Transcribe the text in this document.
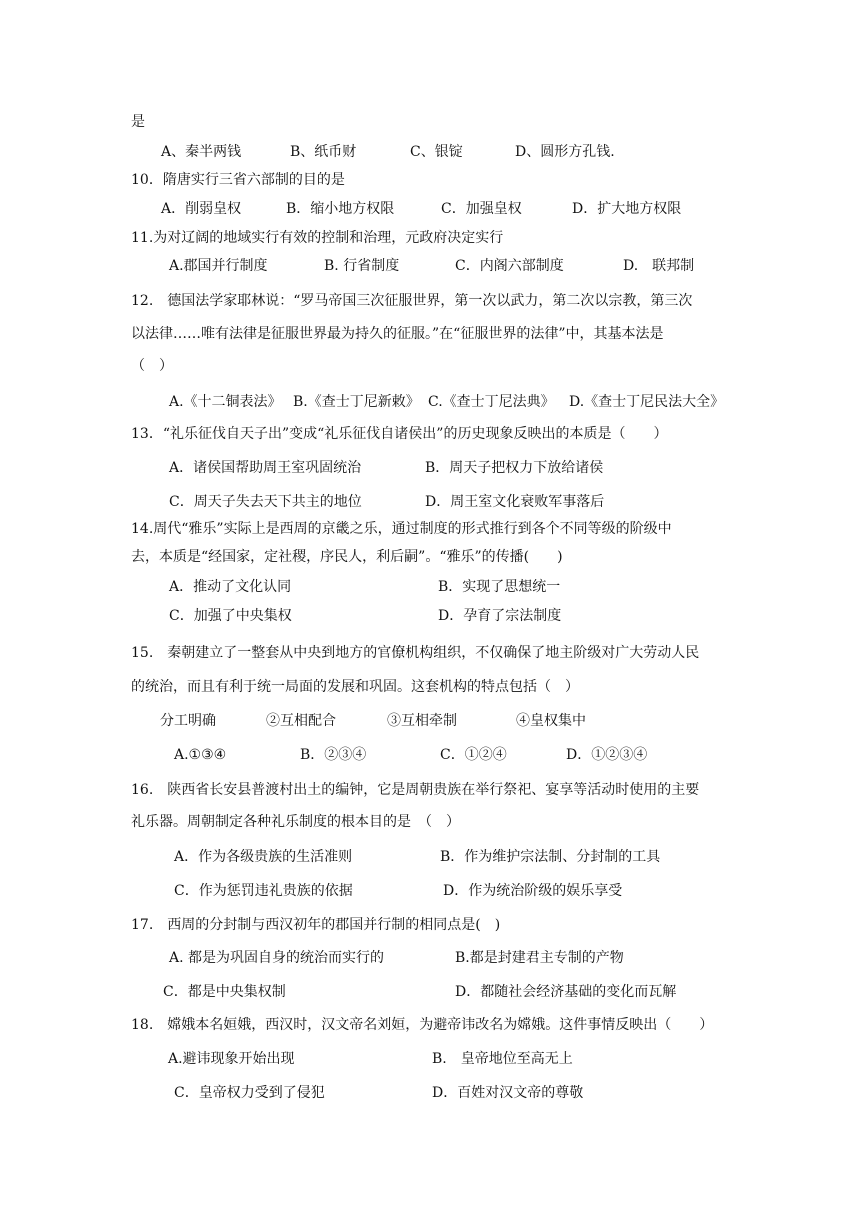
是
A、秦半两钱	B、纸币财	C、银锭	D、圆形方孔钱.
10．隋唐实行三省六部制的目的是
A．削弱皇权	B．缩小地方权限	C．加强皇权	D．扩大地方权限
11.为对辽阔的地域实行有效的控制和治理，元政府决定实行
A.郡国并行制度	B. 行省制度	C．内阁六部制度	D.　联邦制
12.　德国法学家耶林说：“罗马帝国三次征服世界，第一次以武力，第二次以宗教，第三次
以法律……唯有法律是征服世界最为持久的征服。”在“征服世界的法律”中，其基本法是
（　）
A.《十二铜表法》 B.《查士丁尼新敕》 C.《查士丁尼法典》 D.《查士丁尼民法大全》
13．“礼乐征伐自天子出”变成“礼乐征伐自诸侯出”的历史现象反映出的本质是（　　）
A．诸侯国帮助周王室巩固统治	B．周天子把权力下放给诸侯
C．周天子失去天下共主的地位	D．周王室文化衰败军事落后
14.周代“雅乐”实际上是西周的京畿之乐，通过制度的形式推行到各个不同等级的阶级中
去，本质是“经国家，定社稷，序民人，利后嗣”。“雅乐”的传播(　　)
A．推动了文化认同	B．实现了思想统一
C．加强了中央集权	D．孕育了宗法制度
15.　秦朝建立了一整套从中央到地方的官僚机构组织，不仅确保了地主阶级对广大劳动人民
的统治，而且有利于统一局面的发展和巩固。这套机构的特点包括（　）
分工明确	②互相配合	③互相牵制	④皇权集中
A.①③④	B．②③④	C．①②④	D．①②③④
16.　陕西省长安县普渡村出土的编钟，它是周朝贵族在举行祭祀、宴享等活动时使用的主要
礼乐器。周朝制定各种礼乐制度的根本目的是　（　）
A．作为各级贵族的生活准则	B．作为维护宗法制、分封制的工具
C．作为惩罚违礼贵族的依据	D．作为统治阶级的娱乐享受
17.　西周的分封制与西汉初年的郡国并行制的相同点是(　)
A. 都是为巩固自身的统治而实行的	B.都是封建君主专制的产物
C．都是中央集权制	D．都随社会经济基础的变化而瓦解
18.　嫦娥本名姮娥，西汉时，汉文帝名刘姮，为避帝讳改名为嫦娥。这件事情反映出（　　）
A.避讳现象开始出现	B.　皇帝地位至高无上
C．皇帝权力受到了侵犯	D．百姓对汉文帝的尊敬
